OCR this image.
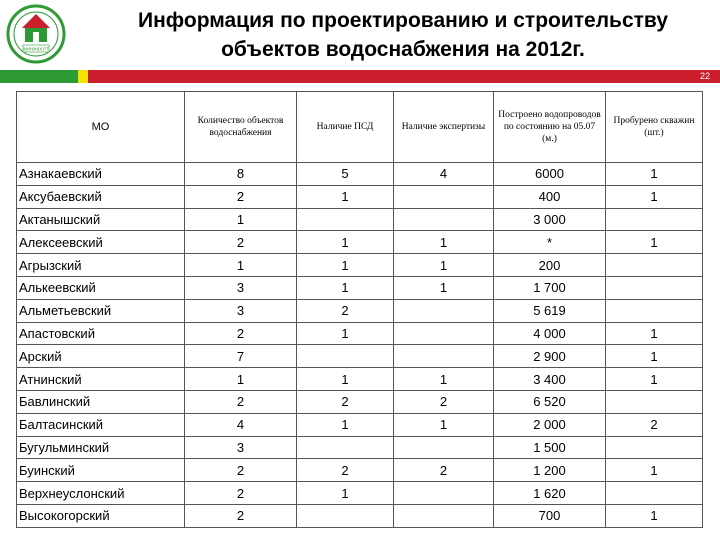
МИНЖКХ РТ
Информация по проектированию и строительству
объектов водоснабжения на 2012г.
22
МО	Количество объектов водоснабжения	Наличие ПСД	Наличие экспертизы	Построено водопроводов по состоянию на 05.07 (м.)	Пробурено скважин (шт.)
Азнакаевский	8	5	4	6000	1
Аксубаевский	2	1		400	1
Актанышский	1			3 000	
Алексеевский	2	1	1	*	1
Агрызский	1	1	1	200	
Алькеевский	3	1	1	1 700	
Альметьевский	3	2		5 619	
Апастовский	2	1		4 000	1
Арский	7			2 900	1
Атнинский	1	1	1	3 400	1
Бавлинский	2	2	2	6 520	
Балтасинский	4	1	1	2 000	2
Бугульминский	3			1 500	
Буинский	2	2	2	1 200	1
Верхнеуслонский	2	1		1 620	
Высокогорский	2			700	1
